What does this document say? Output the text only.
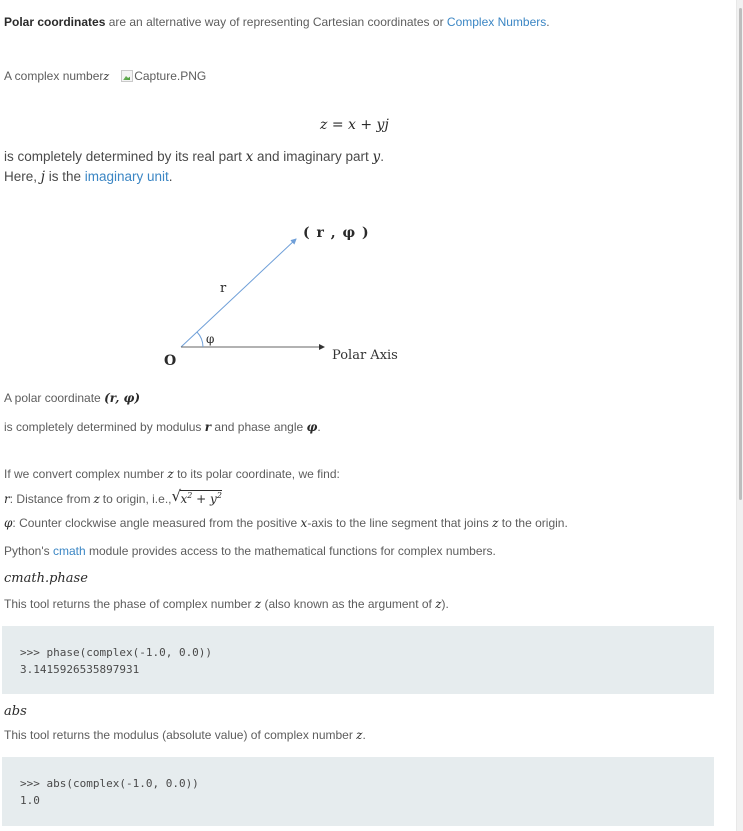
Polar coordinates are an alternative way of representing Cartesian coordinates or Complex Numbers.
A complex number z Capture.PNG
z = x + yj
is completely determined by its real part x and imaginary part y.
Here, j is the imaginary unit.
( r , φ )
r
φ
O	Polar Axis
A polar coordinate (r, φ)
is completely determined by modulus r and phase angle φ.
If we convert complex number z to its polar coordinate, we find:
r : Distance from z to origin, i.e., √ $x^2 + y^2$
φ: Counter clockwise angle measured from the positive x-axis to the line segment that joins z to the origin.
Python's cmath module provides access to the mathematical functions for complex numbers.
cmath.phase
This tool returns the phase of complex number z (also known as the argument of z).
>>> phase(complex(-1.0, 0.0))
3.1415926535897931
abs
This tool returns the modulus (absolute value) of complex number z.
>>> abs(complex(-1.0, 0.0))
1.0
